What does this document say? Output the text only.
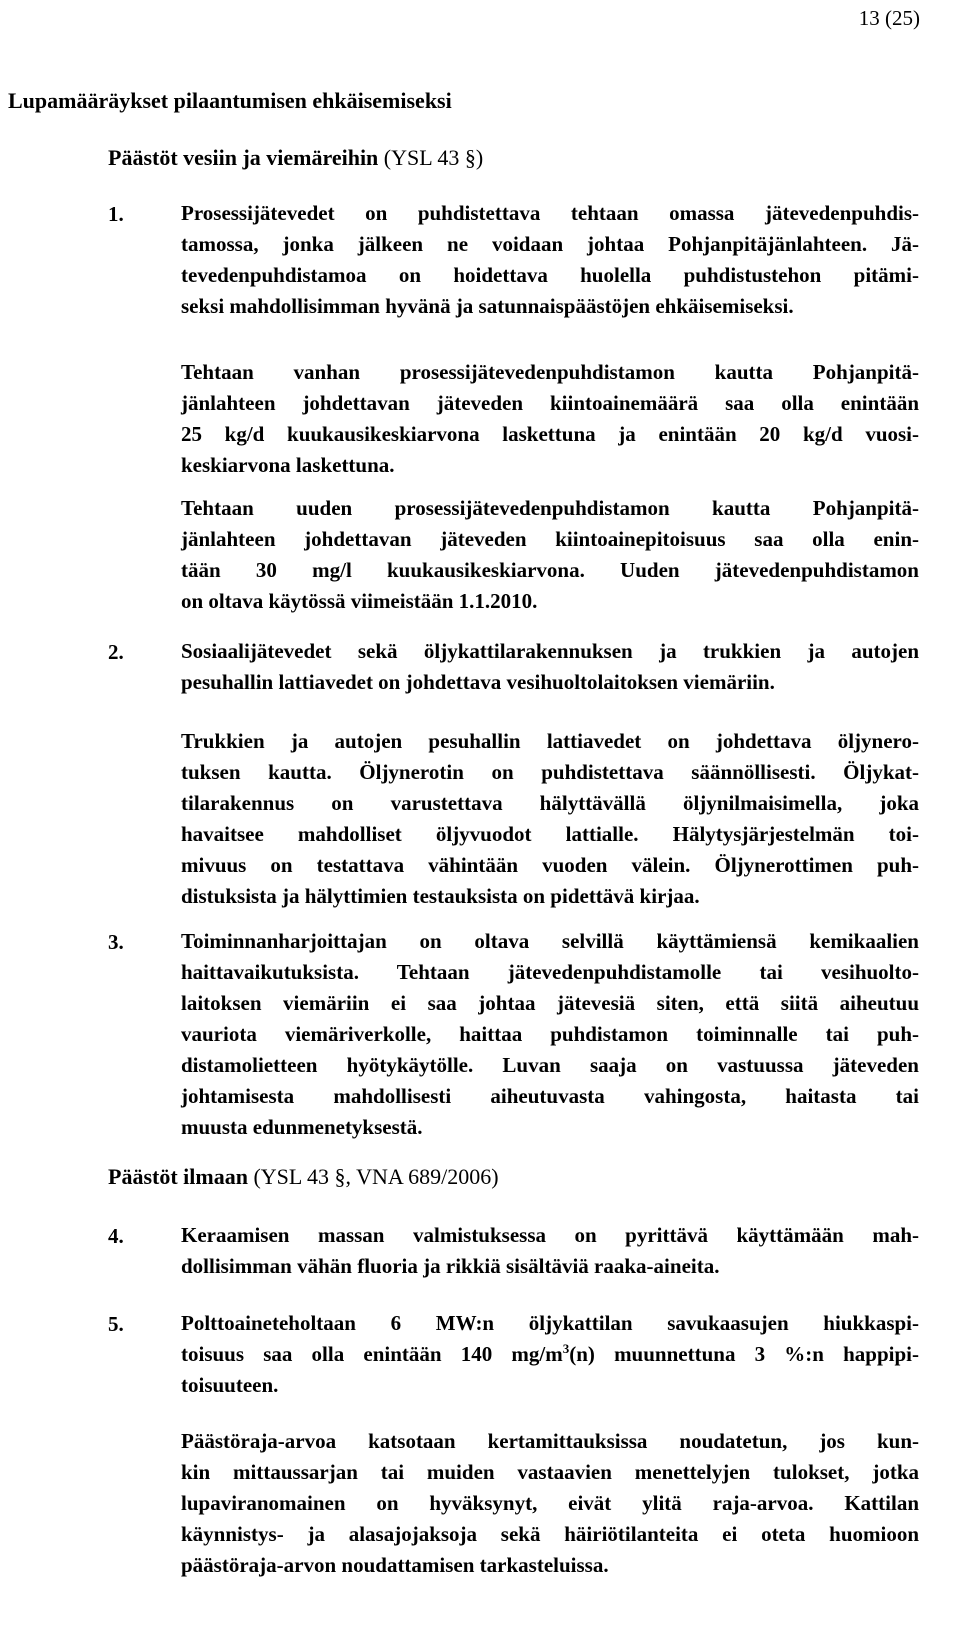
13 (25)
Lupamääräykset pilaantumisen ehkäisemiseksi
Päästöt vesiin ja viemäreihin (YSL 43 §)
1.	Prosessijätevedet on puhdistettava tehtaan omassa jätevedenpuhdis-
tamossa, jonka jälkeen ne voidaan johtaa Pohjanpitäjänlahteen. Jä-
tevedenpuhdistamoa on hoidettava huolella puhdistustehon pitämi-
seksi mahdollisimman hyvänä ja satunnaispäästöjen ehkäisemiseksi.
Tehtaan vanhan prosessijätevedenpuhdistamon kautta Pohjanpitä-
jänlahteen johdettavan jäteveden kiintoainemäärä saa olla enintään
25 kg/d kuukausikeskiarvona laskettuna ja enintään 20 kg/d vuosi-
keskiarvona laskettuna.
Tehtaan uuden prosessijätevedenpuhdistamon kautta Pohjanpitä-
jänlahteen johdettavan jäteveden kiintoainepitoisuus saa olla enin-
tään 30 mg/l kuukausikeskiarvona. Uuden jätevedenpuhdistamon
on oltava käytössä viimeistään 1.1.2010.
2.	Sosiaalijätevedet sekä öljykattilarakennuksen ja trukkien ja autojen
pesuhallin lattiavedet on johdettava vesihuoltolaitoksen viemäriin.
Trukkien ja autojen pesuhallin lattiavedet on johdettava öljynero-
tuksen kautta. Öljynerotin on puhdistettava säännöllisesti. Öljykat-
tilarakennus on varustettava hälyttävällä öljynilmaisimella, joka
havaitsee mahdolliset öljyvuodot lattialle. Hälytysjärjestelmän toi-
mivuus on testattava vähintään vuoden välein. Öljynerottimen puh-
distuksista ja hälyttimien testauksista on pidettävä kirjaa.
3.	Toiminnanharjoittajan on oltava selvillä käyttämiensä kemikaalien
haittavaikutuksista. Tehtaan jätevedenpuhdistamolle tai vesihuolto-
laitoksen viemäriin ei saa johtaa jätevesiä siten, että siitä aiheutuu
vauriota viemäriverkolle, haittaa puhdistamon toiminnalle tai puh-
distamolietteen hyötykäytölle. Luvan saaja on vastuussa jäteveden
johtamisesta mahdollisesti aiheutuvasta vahingosta, haitasta tai
muusta edunmenetyksestä.
Päästöt ilmaan (YSL 43 §, VNA 689/2006)
4.	Keraamisen massan valmistuksessa on pyrittävä käyttämään mah-
dollisimman vähän fluoria ja rikkiä sisältäviä raaka-aineita.
5.	Polttoaineteholtaan 6 MW:n öljykattilan savukaasujen hiukkaspi-
toisuus saa olla enintään 140 $mg/m^3(n)$ muunnettuna 3 %:n happipi-
toisuuteen.
Päästöraja-arvoa katsotaan kertamittauksissa noudatetun, jos kun-
kin mittaussarjan tai muiden vastaavien menettelyjen tulokset, jotka
lupaviranomainen on hyväksynyt, eivät ylitä raja-arvoa. Kattilan
käynnistys- ja alasajojaksoja sekä häiriötilanteita ei oteta huomioon
päästöraja-arvon noudattamisen tarkasteluissa.
